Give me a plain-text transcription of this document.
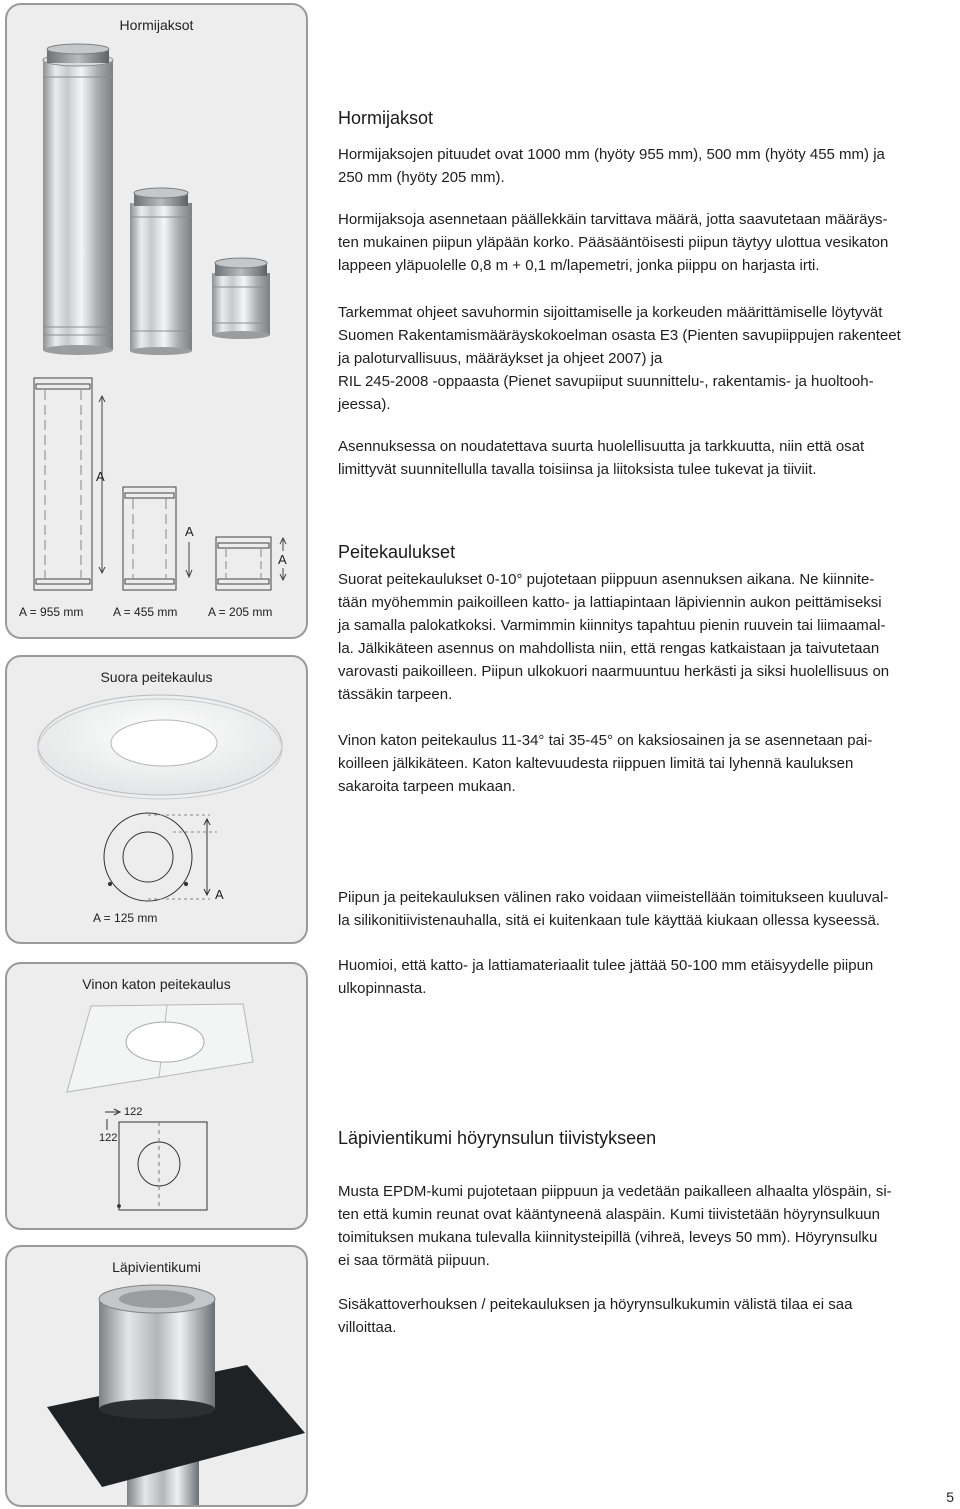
Hormijaksot
A
A
A
A = 955 mm A = 455 mm	A = 205 mm
Suora peitekaulus
A
A = 125 mm
Vinon katon peitekaulus
122
122
Läpivientikumi
Hormijaksot

Hormijaksojen pituudet ovat 1000 mm (hyöty 955 mm), 500 mm (hyöty 455 mm) ja
250 mm (hyöty 205 mm).

Hormijaksoja asennetaan päällekkäin tarvittava määrä, jotta saavutetaan määräys-
ten mukainen piipun yläpään korko. Pääsääntöisesti piipun täytyy ulottua vesikaton
lappeen yläpuolelle 0,8 m + 0,1 m/lapemetri, jonka piippu on harjasta irti.

Tarkemmat ohjeet savuhormin sijoittamiselle ja korkeuden määrittämiselle löytyvät
Suomen Rakentamismääräyskokoelman osasta E3 (Pienten savupiippujen rakenteet
ja paloturvallisuus, määräykset ja ohjeet 2007) ja
RIL 245-2008 -oppaasta (Pienet savupiiput suunnittelu-, rakentamis- ja huoltooh-
jeessa).

Asennuksessa on noudatettava suurta huolellisuutta ja tarkkuutta, niin että osat
limittyvät suunnitellulla tavalla toisiinsa ja liitoksista tulee tukevat ja tiiviit.

Peitekaulukset

Suorat peitekaulukset 0-10° pujotetaan piippuun asennuksen aikana. Ne kiinnite-
tään myöhemmin paikoilleen katto- ja lattiapintaan läpiviennin aukon peittämiseksi
ja samalla palokatkoksi. Varmimmin kiinnitys tapahtuu pienin ruuvein tai liimaamal-
la. Jälkikäteen asennus on mahdollista niin, että rengas katkaistaan ja taivutetaan
varovasti paikoilleen. Piipun ulkokuori naarmuuntuu herkästi ja siksi huolellisuus on
tässäkin tarpeen.

Vinon katon peitekaulus 11-34° tai 35-45° on kaksiosainen ja se asennetaan pai-
koilleen jälkikäteen. Katon kaltevuudesta riippuen limitä tai lyhennä kauluksen
sakaroita tarpeen mukaan.

Piipun ja peitekauluksen välinen rako voidaan viimeistellään toimitukseen kuuluval-
la silikonitiivistenauhalla, sitä ei kuitenkaan tule käyttää kiukaan ollessa kyseessä.

Huomioi, että katto- ja lattiamateriaalit tulee jättää 50-100 mm etäisyydelle piipun
ulkopinnasta.

Läpivientikumi höyrynsulun tiivistykseen

Musta EPDM-kumi pujotetaan piippuun ja vedetään paikalleen alhaalta ylöspäin, si-
ten että kumin reunat ovat kääntyneenä alaspäin. Kumi tiivistetään höyrynsulkuun
toimituksen mukana tulevalla kiinnitysteipillä (vihreä, leveys 50 mm). Höyrynsulku
ei saa törmätä piipuun.

Sisäkattoverhouksen / peitekauluksen ja höyrynsulkukumin välistä tilaa ei saa
villoittaa.

5
